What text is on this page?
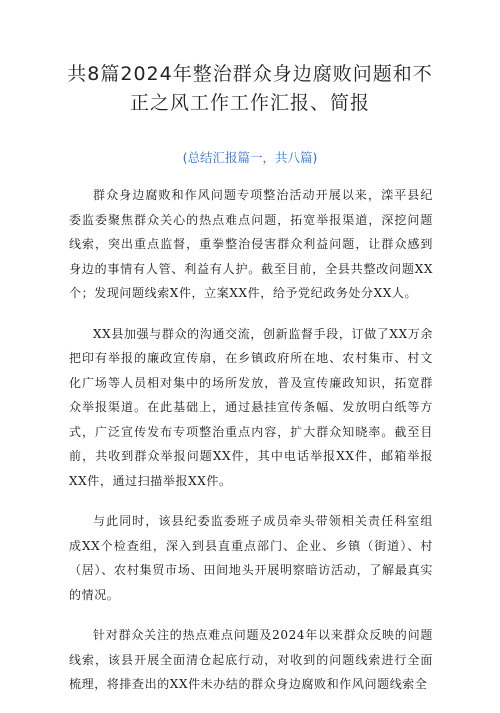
共8篇2024年整治群众身边腐败问题和不正之风工作工作汇报、简报

(总结汇报篇一，共八篇)

群众身边腐败和作风问题专项整治活动开展以来，滦平县纪委监委聚焦群众关心的热点难点问题，拓宽举报渠道，深挖问题线索，突出重点监督，重拳整治侵害群众利益问题，让群众感到身边的事情有人管、利益有人护。截至目前，全县共整改问题XX个；发现问题线索X件，立案XX件，给予党纪政务处分XX人。

XX县加强与群众的沟通交流，创新监督手段，订做了XX万余把印有举报的廉政宣传扇，在乡镇政府所在地、农村集市、村文化广场等人员相对集中的场所发放，普及宣传廉政知识，拓宽群众举报渠道。在此基础上，通过悬挂宣传条幅、发放明白纸等方式，广泛宣传发布专项整治重点内容，扩大群众知晓率。截至目前，共收到群众举报问题XX件，其中电话举报XX件，邮箱举报XX件，通过扫描举报XX件。

与此同时，该县纪委监委班子成员牵头带领相关责任科室组成XX个检查组，深入到县直重点部门、企业、乡镇（街道）、村（居）、农村集贸市场、田间地头开展明察暗访活动，了解最真实的情况。

针对群众关注的热点难点问题及2024年以来群众反映的问题线索，该县开展全面清仓起底行动，对收到的问题线索进行全面梳理，将排查出的XX件未办结的群众身边腐败和作风问题线索全
